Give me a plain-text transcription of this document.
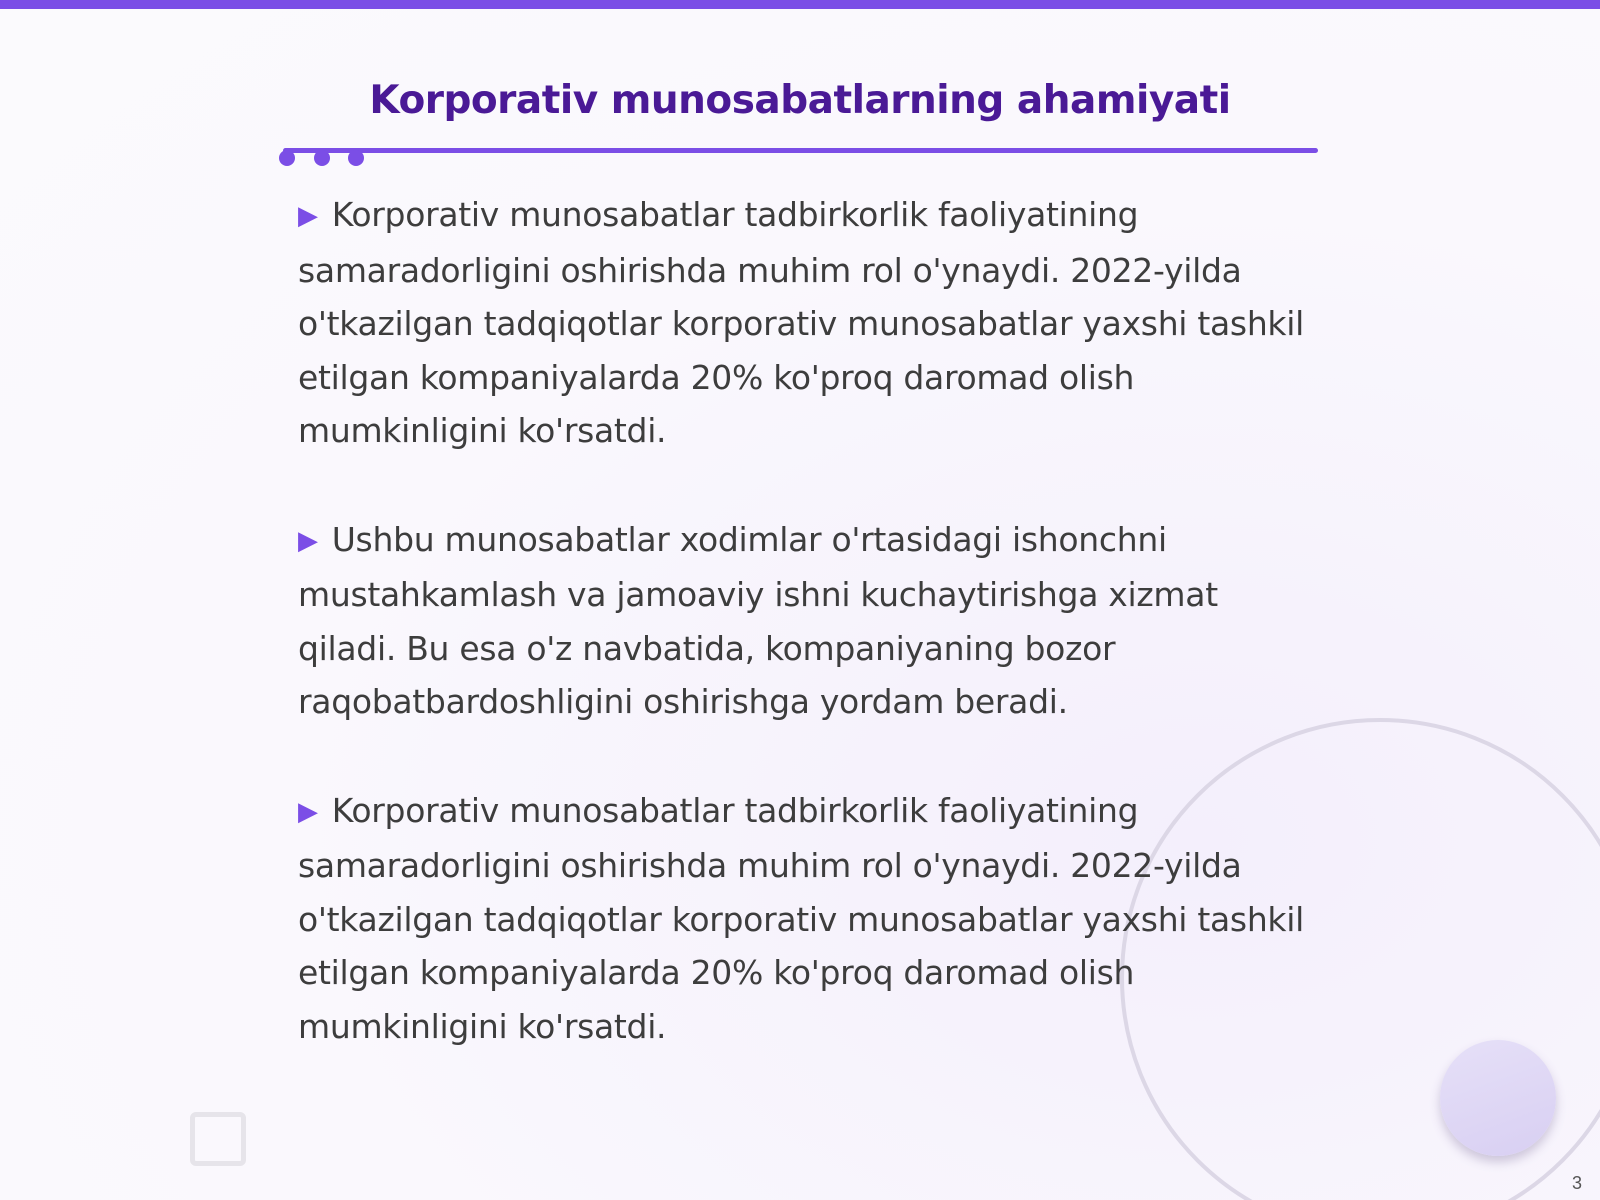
Korporativ munosabatlarning ahamiyati

▶ Korporativ munosabatlar tadbirkorlik faoliyatining samaradorligini oshirishda muhim rol o'ynaydi. 2022-yilda o'tkazilgan tadqiqotlar korporativ munosabatlar yaxshi tashkil etilgan kompaniyalarda 20% ko'proq daromad olish mumkinligini ko'rsatdi.

▶ Ushbu munosabatlar xodimlar o'rtasidagi ishonchni mustahkamlash va jamoaviy ishni kuchaytirishga xizmat qiladi. Bu esa o'z navbatida, kompaniyaning bozor raqobatbardoshligini oshirishga yordam beradi.

▶ Korporativ munosabatlar tadbirkorlik faoliyatining samaradorligini oshirishda muhim rol o'ynaydi. 2022-yilda o'tkazilgan tadqiqotlar korporativ munosabatlar yaxshi tashkil etilgan kompaniyalarda 20% ko'proq daromad olish mumkinligini ko'rsatdi.

3
